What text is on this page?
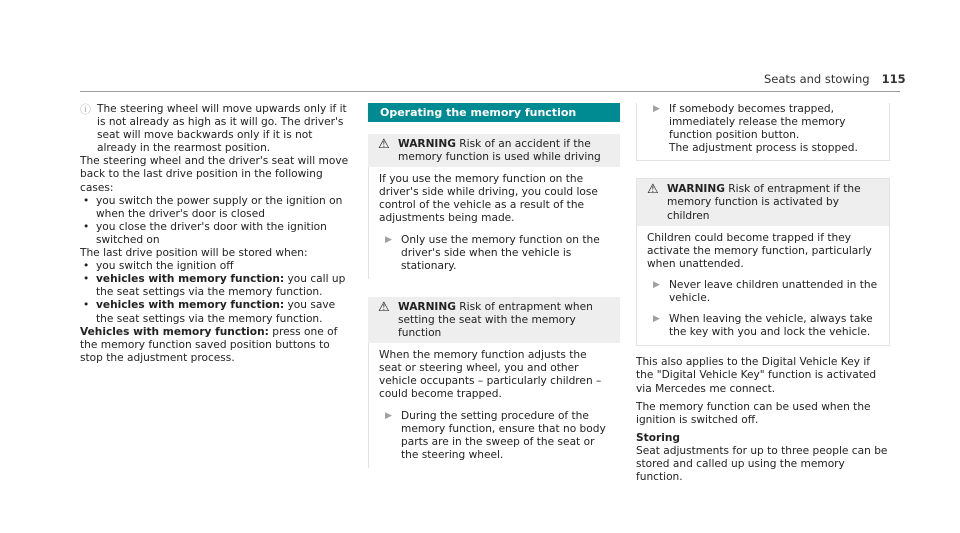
Seats and stowing 115
ⓘ The steering wheel will move upwards only if it is not already as high as it will go. The driver's seat will move backwards only if it is not already in the rearmost position.

The steering wheel and the driver's seat will move back to the last drive position in the following cases:

• you switch the power supply or the ignition on when the driver's door is closed
• you close the driver's door with the ignition switched on

The last drive position will be stored when:

• you switch the ignition off
• vehicles with memory function: you call up the seat settings via the memory function.
• vehicles with memory function: you save the seat settings via the memory function.

Vehicles with memory function: press one of the memory function saved position buttons to stop the adjustment process.

Operating the memory function
⚠ WARNING Risk of an accident if the memory function is used while driving

If you use the memory function on the driver's side while driving, you could lose control of the vehicle as a result of the adjustments being made.

▶ Only use the memory function on the driver's side when the vehicle is stationary.

⚠ WARNING Risk of entrapment when setting the seat with the memory function

When the memory function adjusts the seat or steering wheel, you and other vehicle occupants – particularly children – could become trapped.

▶ During the setting procedure of the memory function, ensure that no body parts are in the sweep of the seat or the steering wheel.

▶ If somebody becomes trapped, immediately release the memory function position button.

The adjustment process is stopped.

⚠ WARNING Risk of entrapment if the memory function is activated by children

Children could become trapped if they activate the memory function, particularly when unattended.

▶ Never leave children unattended in the vehicle.

▶ When leaving the vehicle, always take the key with you and lock the vehicle.

This also applies to the Digital Vehicle Key if the "Digital Vehicle Key" function is activated via Mercedes me connect.

The memory function can be used when the ignition is switched off.

Storing

Seat adjustments for up to three people can be stored and called up using the memory function.
